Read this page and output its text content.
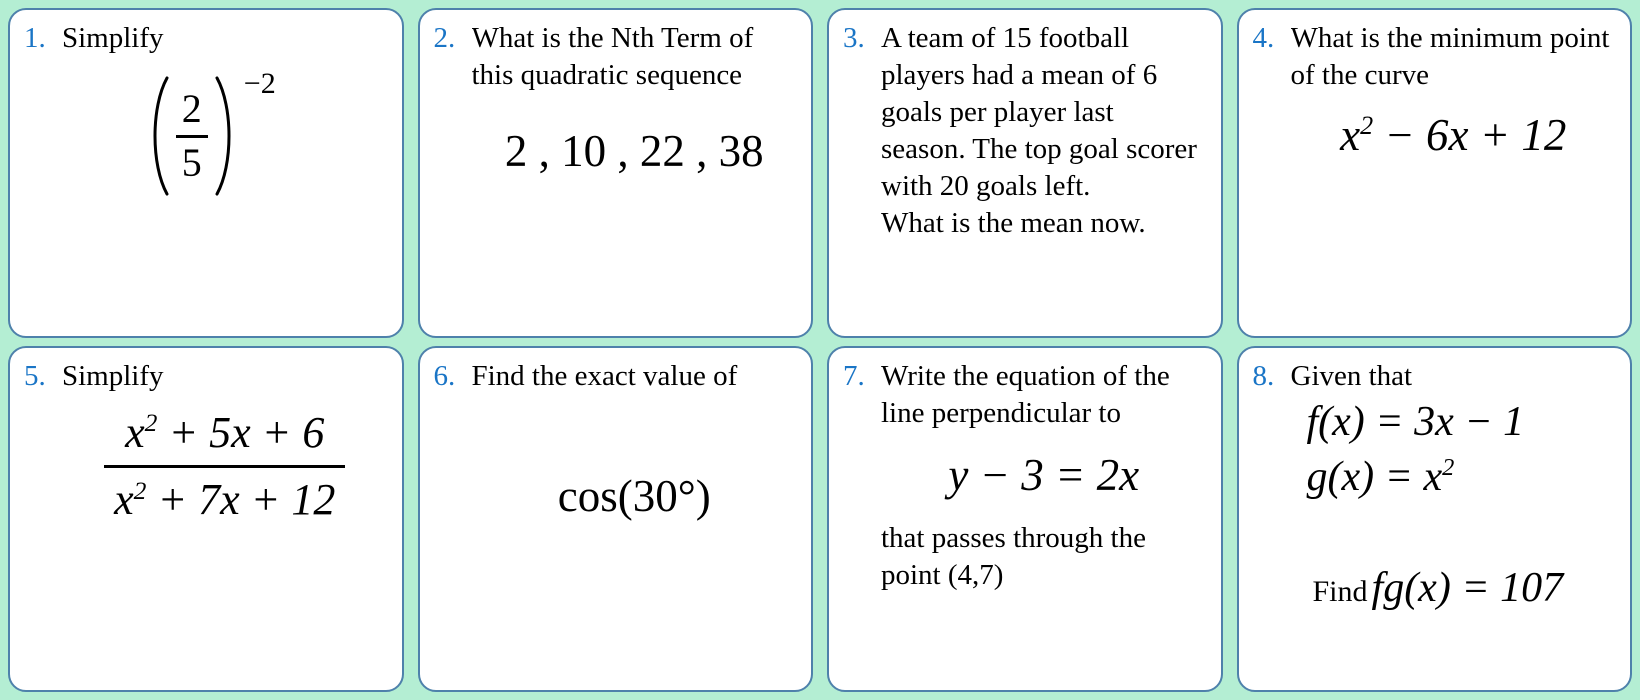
1. Simplify
2
5
−2
2. What is the Nth Term of
this quadratic sequence
2 , 10 , 22 , 38
3. A team of 15 football
players had a mean of 6
goals per player last
season. The top goal scorer
with 20 goals left.
What is the mean now.
4. What is the minimum point
of the curve
$x^2 - 6x + 12$
5. Simplify
$x^2 + 5x + 6$
$x^2 + 7x + 12$
6. Find the exact value of
cos(30°)
7. Write the equation of the
line perpendicular to
y − 3 = 2x
that passes through the
point (4,7)
8. Given that
f(x) = 3x − 1
$g(x) = x^2$
Find fg(x) = 107
